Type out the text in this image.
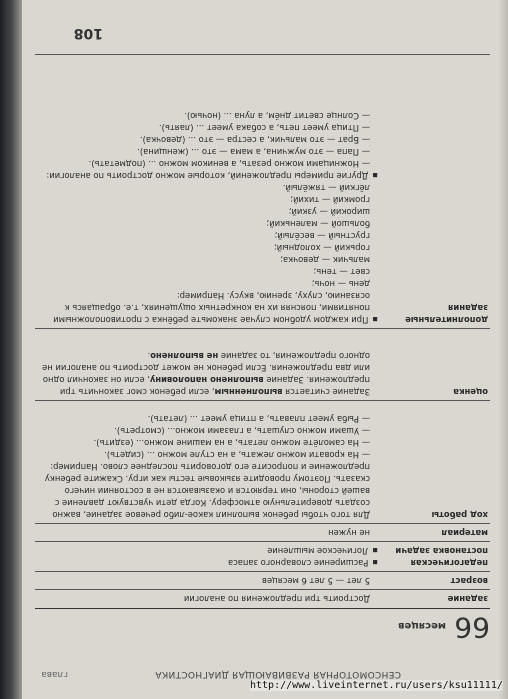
СЕНСОМОТОРНАЯ РАЗВИВАЮЩАЯ ДИАГНОСТИКА
глава
66
месяцев
задание
Достроить три предложения по аналогии
возраст
5 лет — 5 лет 6 месяцев
педагогическая постановка задачи

▪ Расширение словарного запаса

▪ Логическое мышление

материал
не нужен
ход работы

Для того чтобы ребенок выполнил какое-либо речевое задание, важно создать доверительную атмосферу. Когда дети чувствуют давление с вашей стороны, они теряются и оказываются не в состоянии ничего сказать. Поэтому проводите языковые тесты как игру. Скажите ребенку предложение и попросите его договорить последнее слово. Например:

— На кровати можно лежать, а на стуле можно ... (сидеть).

— На самолёте можно летать, а на машине можно... (ездить).

— Ушами можно слушать, а глазами можно... (смотреть).

— Рыба умеет плавать, а птица умеет ... (летать).

оценка

Задание считается выполненным, если ребенок смог закончить три предложения. Задание выполнено наполовину, если он закончил одно или два предложения. Если ребенок не может достроить по аналогии не одного предложения, то задание не выполнено.

дополнительные задания

▪ При каждом удобном случае знакомьте ребёнка с противоположными понятиями, поясняя их на конкретных ощущениях, т.е. обращаясь к осязанию, слуху, зрению, вкусу. Например:

день — ночь;

свет — тень;

мальчик — девочка;

горький — холодный;

грустный — весёлый;

большой — маленький;

широкий — узкий;

громкий — тихий;

лёгкий — тяжёлый.

▪ Другие примеры предложений, которые можно достроить по аналогии:

— Ножницами можно резать, а веником можно ... (подметать).

— Папа — это мужчина, а мама — это ... (женщина).

— Брат — это мальчик, а сестра — это ... (девочка).

— Птица умеет петь, а собака умеет ... (лаять).

— Солнце светит днём, а луна ... (ночью).

108
http://www.liveinternet.ru/users/ksu11111/
